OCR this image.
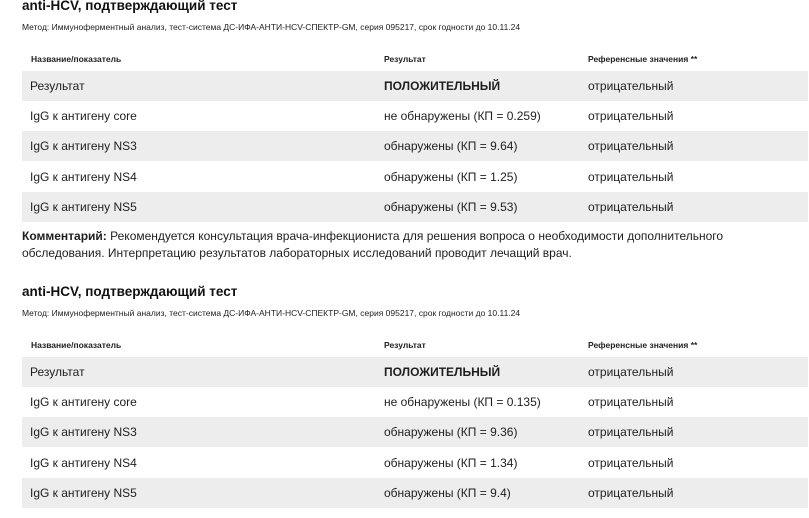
anti-HCV, подтверждающий тест
Метод: Иммуноферментный анализ, тест-система ДС-ИФА-АНТИ-HCV-СПЕКТР-GM, серия 095217, срок годности до 10.11.24
Название/показатель	Результат	Референсные значения **
Результат	ПОЛОЖИТЕЛЬНЫЙ	отрицательный
IgG к антигену core	не обнаружены (КП = 0.259)	отрицательный
IgG к антигену NS3	обнаружены (КП = 9.64)	отрицательный
IgG к антигену NS4	обнаружены (КП = 1.25)	отрицательный
IgG к антигену NS5	обнаружены (КП = 9.53)	отрицательный
Комментарий: Рекомендуется консультация врача-инфекциониста для решения вопроса о необходимости дополнительного обследования. Интерпретацию результатов лабораторных исследований проводит лечащий врач.
anti-HCV, подтверждающий тест
Метод: Иммуноферментный анализ, тест-система ДС-ИФА-АНТИ-HCV-СПЕКТР-GM, серия 095217, срок годности до 10.11.24
Название/показатель	Результат	Референсные значения **
Результат	ПОЛОЖИТЕЛЬНЫЙ	отрицательный
IgG к антигену core	не обнаружены (КП = 0.135)	отрицательный
IgG к антигену NS3	обнаружены (КП = 9.36)	отрицательный
IgG к антигену NS4	обнаружены (КП = 1.34)	отрицательный
IgG к антигену NS5	обнаружены (КП = 9.4)	отрицательный
